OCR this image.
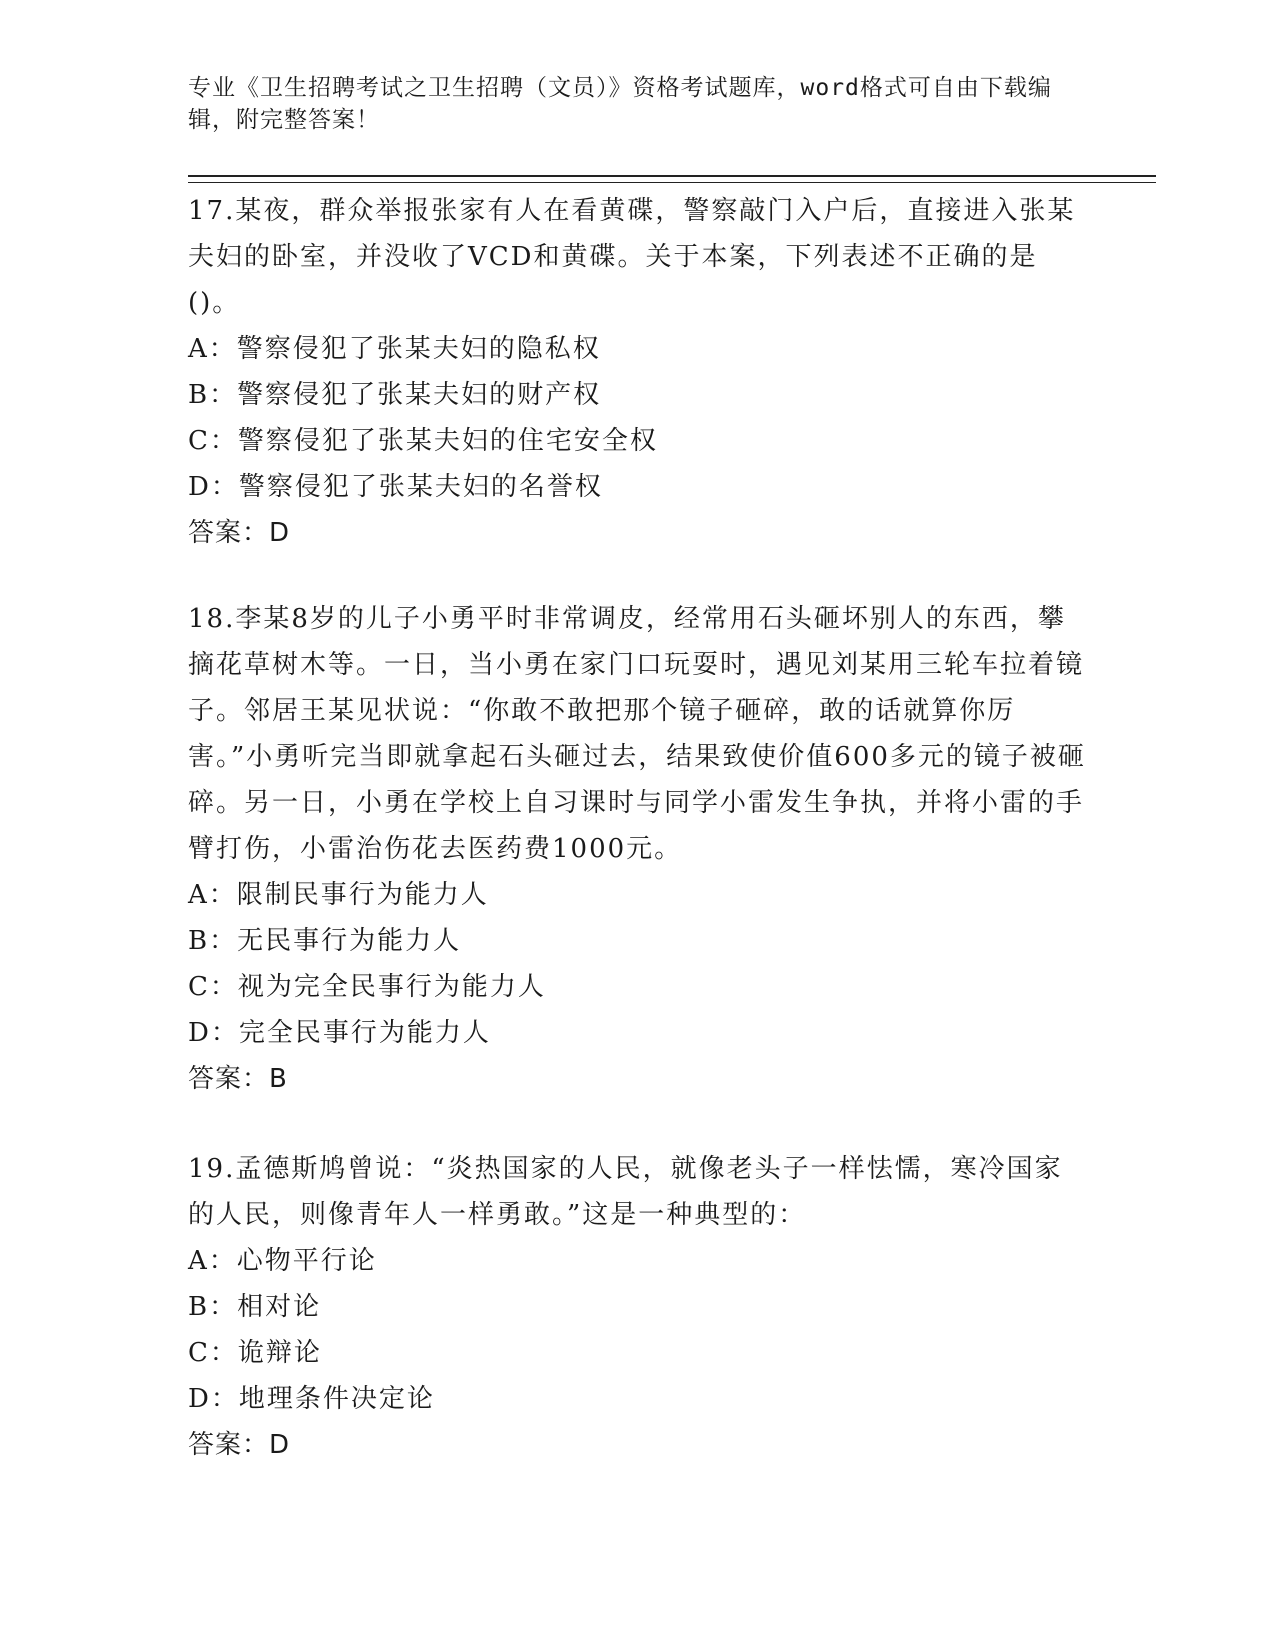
专业《卫生招聘考试之卫生招聘（文员）》资格考试题库，word格式可自由下载编辑，附完整答案！

17.某夜，群众举报张家有人在看黄碟，警察敲门入户后，直接进入张某夫妇的卧室，并没收了VCD和黄碟。关于本案，下列表述不正确的是()。

A：警察侵犯了张某夫妇的隐私权

B：警察侵犯了张某夫妇的财产权

C：警察侵犯了张某夫妇的住宅安全权

D：警察侵犯了张某夫妇的名誉权

答案：D

18.李某8岁的儿子小勇平时非常调皮，经常用石头砸坏别人的东西，攀摘花草树木等。一日，当小勇在家门口玩耍时，遇见刘某用三轮车拉着镜子。邻居王某见状说：“你敢不敢把那个镜子砸碎，敢的话就算你厉害。”小勇听完当即就拿起石头砸过去，结果致使价值600多元的镜子被砸碎。另一日，小勇在学校上自习课时与同学小雷发生争执，并将小雷的手臂打伤，小雷治伤花去医药费1000元。

A：限制民事行为能力人

B：无民事行为能力人

C：视为完全民事行为能力人

D：完全民事行为能力人

答案：B

19.孟德斯鸠曾说：“炎热国家的人民，就像老头子一样怯懦，寒冷国家的人民，则像青年人一样勇敢。”这是一种典型的：

A：心物平行论

B：相对论

C：诡辩论

D：地理条件决定论

答案：D
